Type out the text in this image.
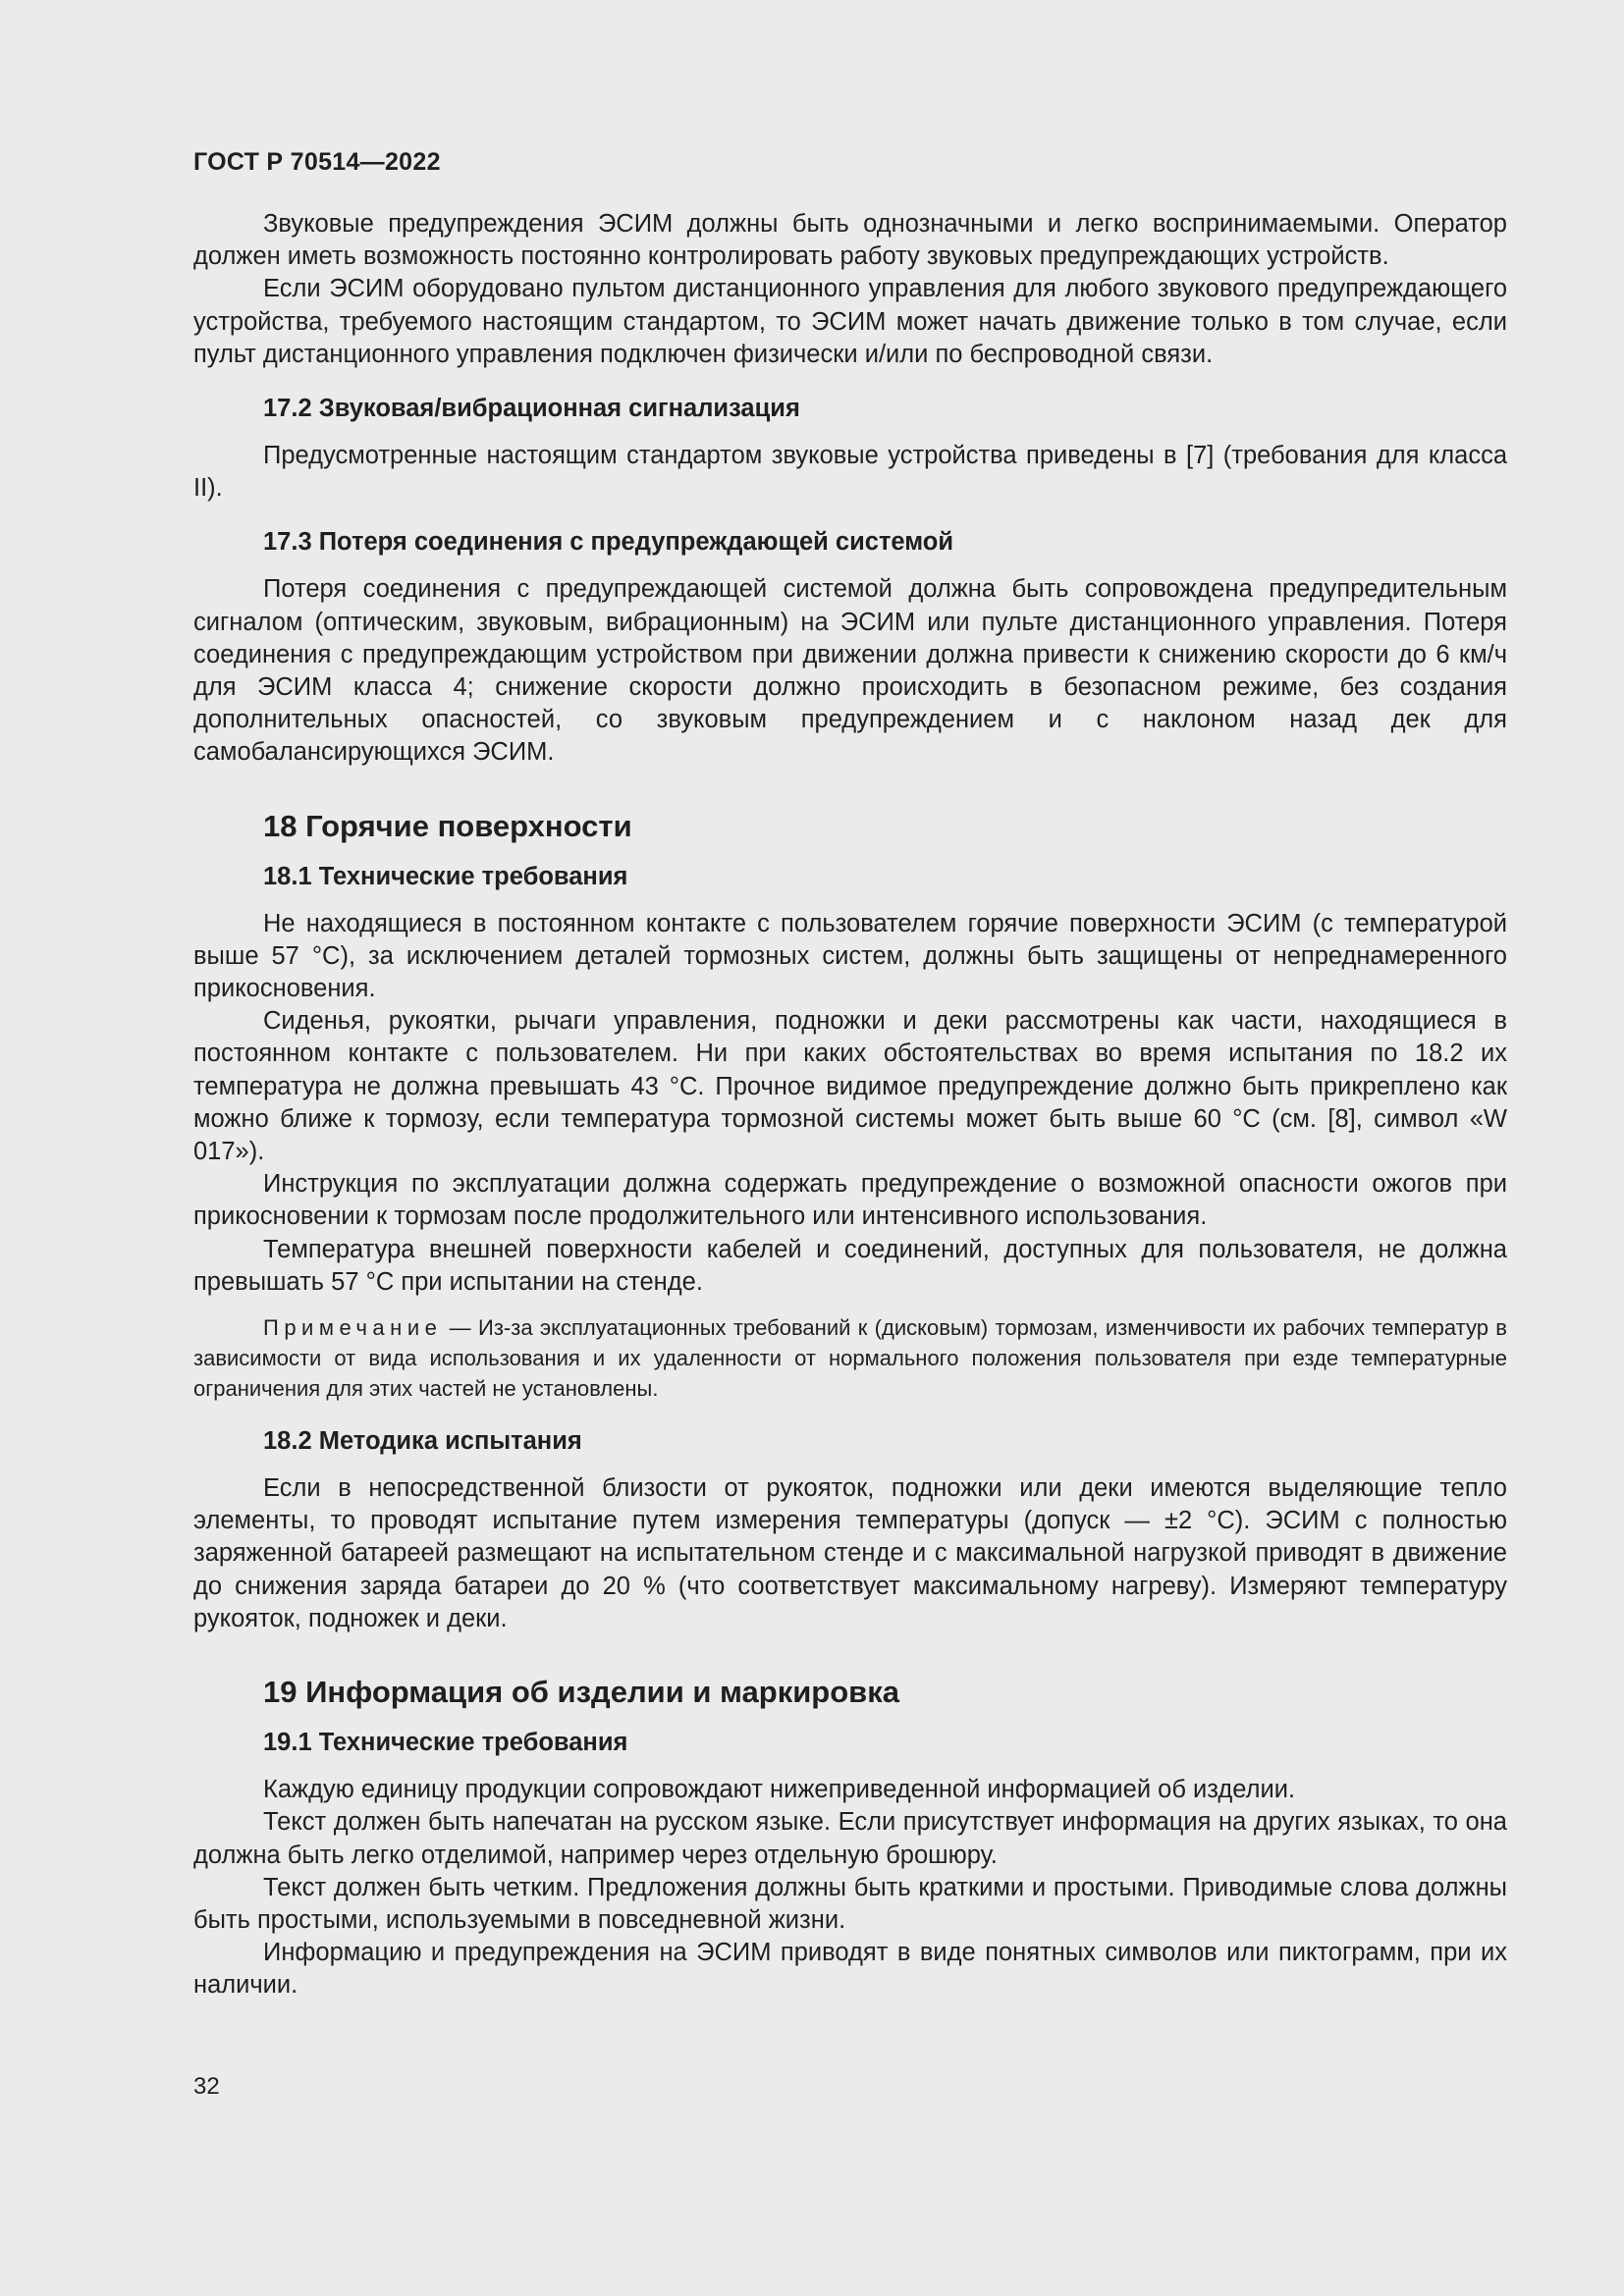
ГОСТ Р 70514—2022

Звуковые предупреждения ЭСИМ должны быть однозначными и легко воспринимаемыми. Оператор должен иметь возможность постоянно контролировать работу звуковых предупреждающих устройств.

Если ЭСИМ оборудовано пультом дистанционного управления для любого звукового предупреждающего устройства, требуемого настоящим стандартом, то ЭСИМ может начать движение только в том случае, если пульт дистанционного управления подключен физически и/или по беспроводной связи.

17.2 Звуковая/вибрационная сигнализация

Предусмотренные настоящим стандартом звуковые устройства приведены в [7] (требования для класса II).

17.3 Потеря соединения с предупреждающей системой

Потеря соединения с предупреждающей системой должна быть сопровождена предупредительным сигналом (оптическим, звуковым, вибрационным) на ЭСИМ или пульте дистанционного управления. Потеря соединения с предупреждающим устройством при движении должна привести к снижению скорости до 6 км/ч для ЭСИМ класса 4; снижение скорости должно происходить в безопасном режиме, без создания дополнительных опасностей, со звуковым предупреждением и с наклоном назад дек для самобалансирующихся ЭСИМ.

18 Горячие поверхности
18.1 Технические требования

Не находящиеся в постоянном контакте с пользователем горячие поверхности ЭСИМ (с температурой выше 57 °С), за исключением деталей тормозных систем, должны быть защищены от непреднамеренного прикосновения.

Сиденья, рукоятки, рычаги управления, подножки и деки рассмотрены как части, находящиеся в постоянном контакте с пользователем. Ни при каких обстоятельствах во время испытания по 18.2 их температура не должна превышать 43 °С. Прочное видимое предупреждение должно быть прикреплено как можно ближе к тормозу, если температура тормозной системы может быть выше 60 °С (см. [8], символ «W 017»).

Инструкция по эксплуатации должна содержать предупреждение о возможной опасности ожогов при прикосновении к тормозам после продолжительного или интенсивного использования.

Температура внешней поверхности кабелей и соединений, доступных для пользователя, не должна превышать 57 °С при испытании на стенде.

Примечание — Из-за эксплуатационных требований к (дисковым) тормозам, изменчивости их рабочих температур в зависимости от вида использования и их удаленности от нормального положения пользователя при езде температурные ограничения для этих частей не установлены.

18.2 Методика испытания

Если в непосредственной близости от рукояток, подножки или деки имеются выделяющие тепло элементы, то проводят испытание путем измерения температуры (допуск — ±2 °С). ЭСИМ с полностью заряженной батареей размещают на испытательном стенде и с максимальной нагрузкой приводят в движение до снижения заряда батареи до 20 % (что соответствует максимальному нагреву). Измеряют температуру рукояток, подножек и деки.

19 Информация об изделии и маркировка
19.1 Технические требования

Каждую единицу продукции сопровождают нижеприведенной информацией об изделии.

Текст должен быть напечатан на русском языке. Если присутствует информация на других языках, то она должна быть легко отделимой, например через отдельную брошюру.

Текст должен быть четким. Предложения должны быть краткими и простыми. Приводимые слова должны быть простыми, используемыми в повседневной жизни.

Информацию и предупреждения на ЭСИМ приводят в виде понятных символов или пиктограмм, при их наличии.

32
